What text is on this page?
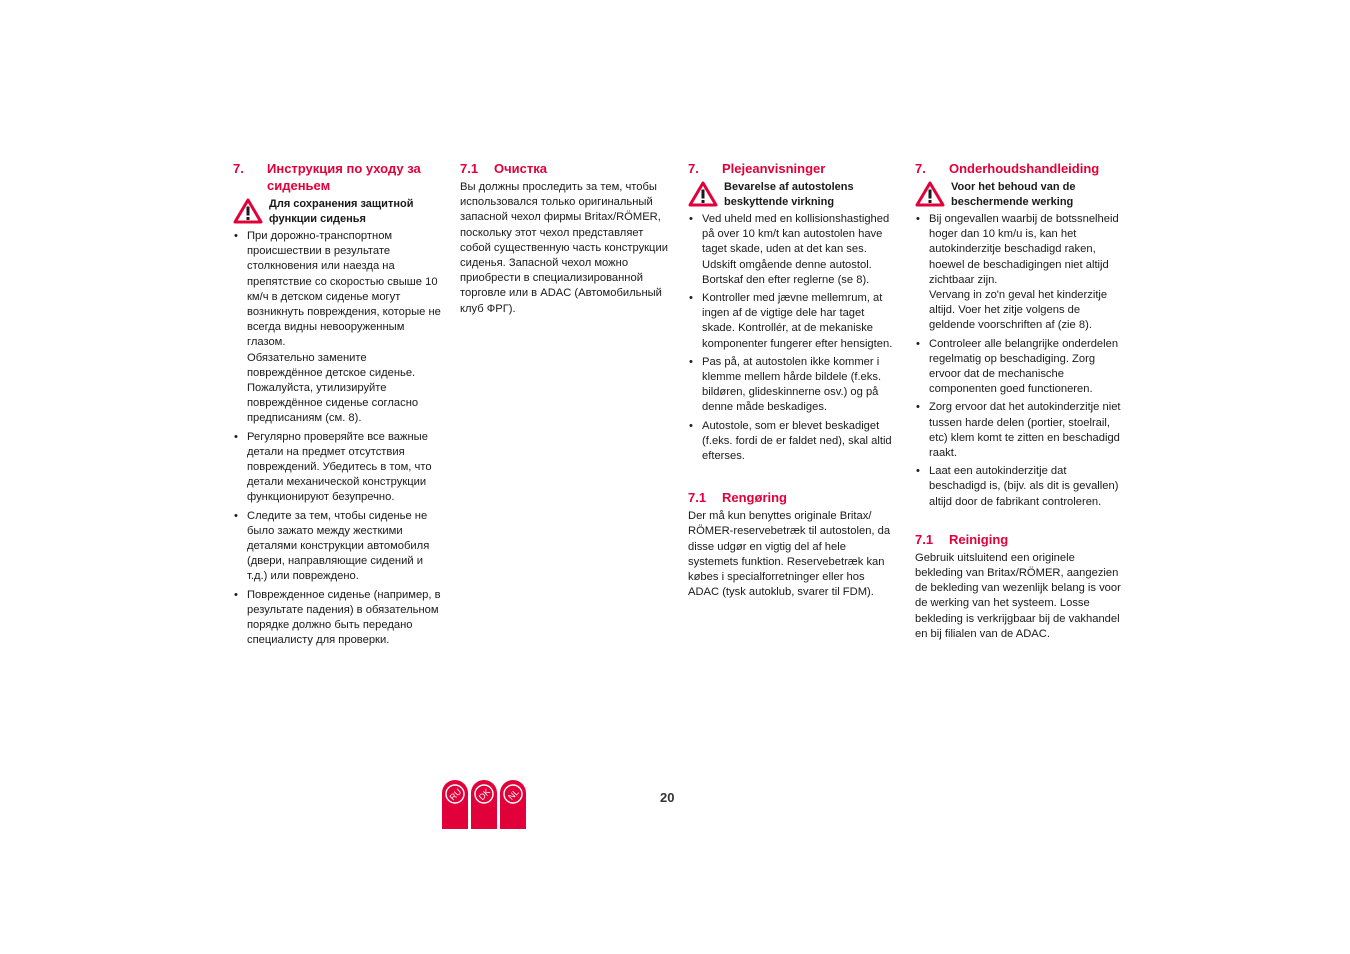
7.	Инструкция по уходу за сиденьем
Для сохранения защитной функции сиденья
• При дорожно-транспортном происшествии в результате столкновения или наезда на препятствие со скоростью свыше 10 км/ч в детском сиденье могут возникнуть повреждения, которые не всегда видны невооруженным глазом.
Обязательно замените повреждённое детское сиденье. Пожалуйста, утилизируйте повреждённое сиденье согласно предписаниям (см. 8).
• Регулярно проверяйте все важные детали на предмет отсутствия повреждений. Убедитесь в том, что детали механической конструкции функционируют безупречно.
• Следите за тем, чтобы сиденье не было зажато между жесткими деталями конструкции автомобиля (двери, направляющие сидений и т.д.) или повреждено.
• Поврежденное сиденье (например, в результате падения) в обязательном порядке должно быть передано специалисту для проверки.
7.1	Очистка

Вы должны проследить за тем, чтобы использовался только оригинальный запасной чехол фирмы Britax/RÖMER, поскольку этот чехол представляет собой существенную часть конструкции сиденья. Запасной чехол можно приобрести в специализированной торговле или в ADAC (Автомобильный клуб ФРГ).

7.	Plejeanvisninger
Bevarelse af autostolens beskyttende virkning
• Ved uheld med en kollisionshastighed på over 10 km/t kan autostolen have taget skade, uden at det kan ses.
Udskift omgående denne autostol. Bortskaf den efter reglerne (se 8).
• Kontroller med jævne mellemrum, at ingen af de vigtige dele har taget skade. Kontrollér, at de mekaniske komponenter fungerer efter hensigten.
• Pas på, at autostolen ikke kommer i klemme mellem hårde bildele (f.eks. bildøren, glideskinnerne osv.) og på denne måde beskadiges.
• Autostole, som er blevet beskadiget (f.eks. fordi de er faldet ned), skal altid efterses.
7.1	Rengøring

Der må kun benyttes originale Britax/ RÖMER-reservebetræk til autostolen, da disse udgør en vigtig del af hele systemets funktion. Reservebetræk kan købes i specialforretninger eller hos ADAC (tysk autoklub, svarer til FDM).

7.	Onderhoudshandleiding
Voor het behoud van de beschermende werking
• Bij ongevallen waarbij de botssnelheid hoger dan 10 km/u is, kan het autokinderzitje beschadigd raken, hoewel de beschadigingen niet altijd zichtbaar zijn.
Vervang in zo'n geval het kinderzitje altijd. Voer het zitje volgens de geldende voorschriften af (zie 8).
• Controleer alle belangrijke onderdelen regelmatig op beschadiging. Zorg ervoor dat de mechanische componenten goed functioneren.
• Zorg ervoor dat het autokinderzitje niet tussen harde delen (portier, stoelrail, etc) klem komt te zitten en beschadigd raakt.
• Laat een autokinderzitje dat beschadigd is, (bijv. als dit is gevallen) altijd door de fabrikant controleren.
7.1	Reiniging

Gebruik uitsluitend een originele bekleding van Britax/RÖMER, aangezien de bekleding van wezenlijk belang is voor de werking van het systeem. Losse bekleding is verkrijgbaar bij de vakhandel en bij filialen van de ADAC.

RU DK NL	20
